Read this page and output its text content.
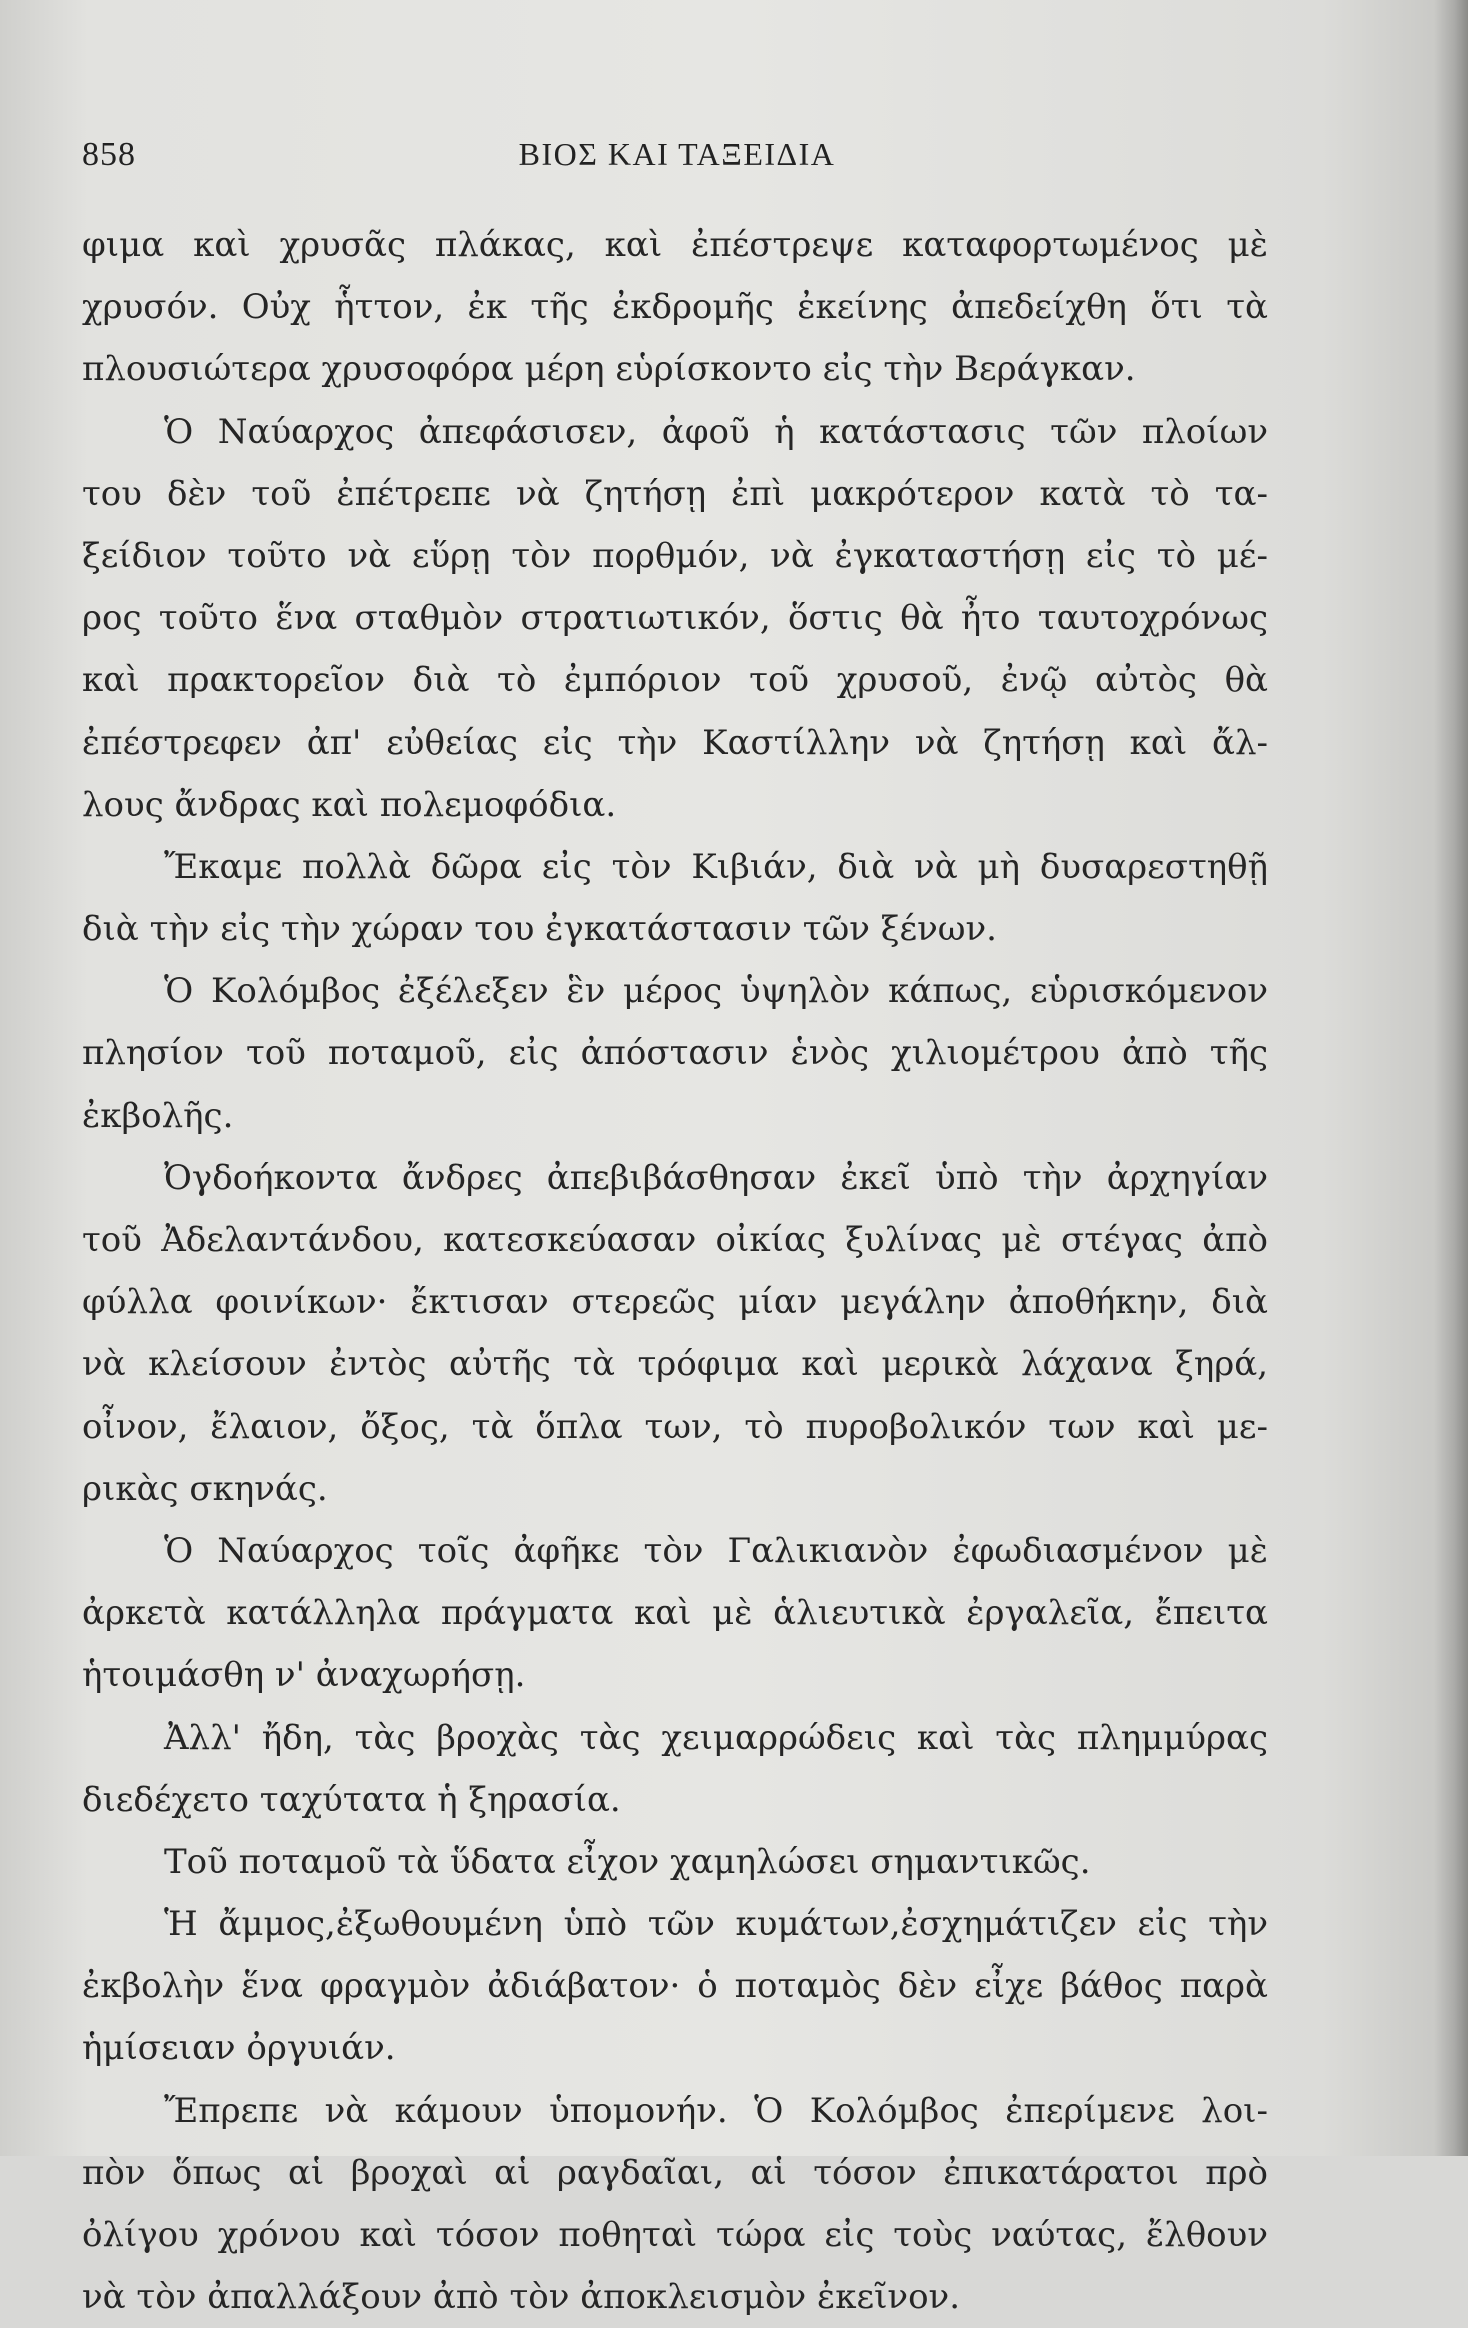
858	ΒΙΟΣ ΚΑΙ ΤΑΞΕΙΔΙΑ
φιμα καὶ χρυσᾶς πλάκας, καὶ ἐπέστρεψε καταφορτωμένος μὲ
χρυσόν. Οὐχ ἧττον, ἐκ τῆς ἐκδρομῆς ἐκείνης ἀπεδείχθη ὅτι τὰ
πλουσιώτερα χρυσοφόρα μέρη εὑρίσκοντο εἰς τὴν Βεράγκαν.
Ὁ Ναύαρχος ἀπεφάσισεν, ἀφοῦ ἡ κατάστασις τῶν πλοίων
του δὲν τοῦ ἐπέτρεπε νὰ ζητήσῃ ἐπὶ μακρότερον κατὰ τὸ τα-
ξείδιον τοῦτο νὰ εὕρῃ τὸν πορθμόν, νὰ ἐγκαταστήσῃ εἰς τὸ μέ-
ρος τοῦτο ἕνα σταθμὸν στρατιωτικόν, ὅστις θὰ ἦτο ταυτοχρόνως
καὶ πρακτορεῖον διὰ τὸ ἐμπόριον τοῦ χρυσοῦ, ἐνῷ αὐτὸς θὰ
ἐπέστρεφεν ἀπ' εὐθείας εἰς τὴν Καστίλλην νὰ ζητήσῃ καὶ ἄλ-
λους ἄνδρας καὶ πολεμοφόδια.
Ἔκαμε πολλὰ δῶρα εἰς τὸν Κιβιάν, διὰ νὰ μὴ δυσαρεστηθῇ
διὰ τὴν εἰς τὴν χώραν του ἐγκατάστασιν τῶν ξένων.
Ὁ Κολόμβος ἐξέλεξεν ἓν μέρος ὑψηλὸν κάπως, εὑρισκόμενον
πλησίον τοῦ ποταμοῦ, εἰς ἀπόστασιν ἑνὸς χιλιομέτρου ἀπὸ τῆς
ἐκβολῆς.
Ὀγδοήκοντα ἄνδρες ἀπεβιβάσθησαν ἐκεῖ ὑπὸ τὴν ἀρχηγίαν
τοῦ Ἀδελαντάνδου, κατεσκεύασαν οἰκίας ξυλίνας μὲ στέγας ἀπὸ
φύλλα φοινίκων· ἔκτισαν στερεῶς μίαν μεγάλην ἀποθήκην, διὰ
νὰ κλείσουν ἐντὸς αὐτῆς τὰ τρόφιμα καὶ μερικὰ λάχανα ξηρά,
οἶνον, ἔλαιον, ὄξος, τὰ ὅπλα των, τὸ πυροβολικόν των καὶ με-
ρικὰς σκηνάς.
Ὁ Ναύαρχος τοῖς ἀφῆκε τὸν Γαλικιανὸν ἐφωδιασμένον μὲ
ἀρκετὰ κατάλληλα πράγματα καὶ μὲ ἁλιευτικὰ ἐργαλεῖα, ἔπειτα
ἡτοιμάσθη ν' ἀναχωρήσῃ.
Ἀλλ' ἤδη, τὰς βροχὰς τὰς χειμαρρώδεις καὶ τὰς πλημμύρας
διεδέχετο ταχύτατα ἡ ξηρασία.
Τοῦ ποταμοῦ τὰ ὕδατα εἶχον χαμηλώσει σημαντικῶς.
Ἡ ἄμμος,ἐξωθουμένη ὑπὸ τῶν κυμάτων,ἐσχημάτιζεν εἰς τὴν
ἐκβολὴν ἕνα φραγμὸν ἀδιάβατον· ὁ ποταμὸς δὲν εἶχε βάθος παρὰ
ἡμίσειαν ὀργυιάν.
Ἔπρεπε νὰ κάμουν ὑπομονήν. Ὁ Κολόμβος ἐπερίμενε λοι-
πὸν ὅπως αἱ βροχαὶ αἱ ραγδαῖαι, αἱ τόσον ἐπικατάρατοι πρὸ
ὀλίγου χρόνου καὶ τόσον ποθηταὶ τώρα εἰς τοὺς ναύτας, ἔλθουν
νὰ τὸν ἀπαλλάξουν ἀπὸ τὸν ἀποκλεισμὸν ἐκεῖνον.
